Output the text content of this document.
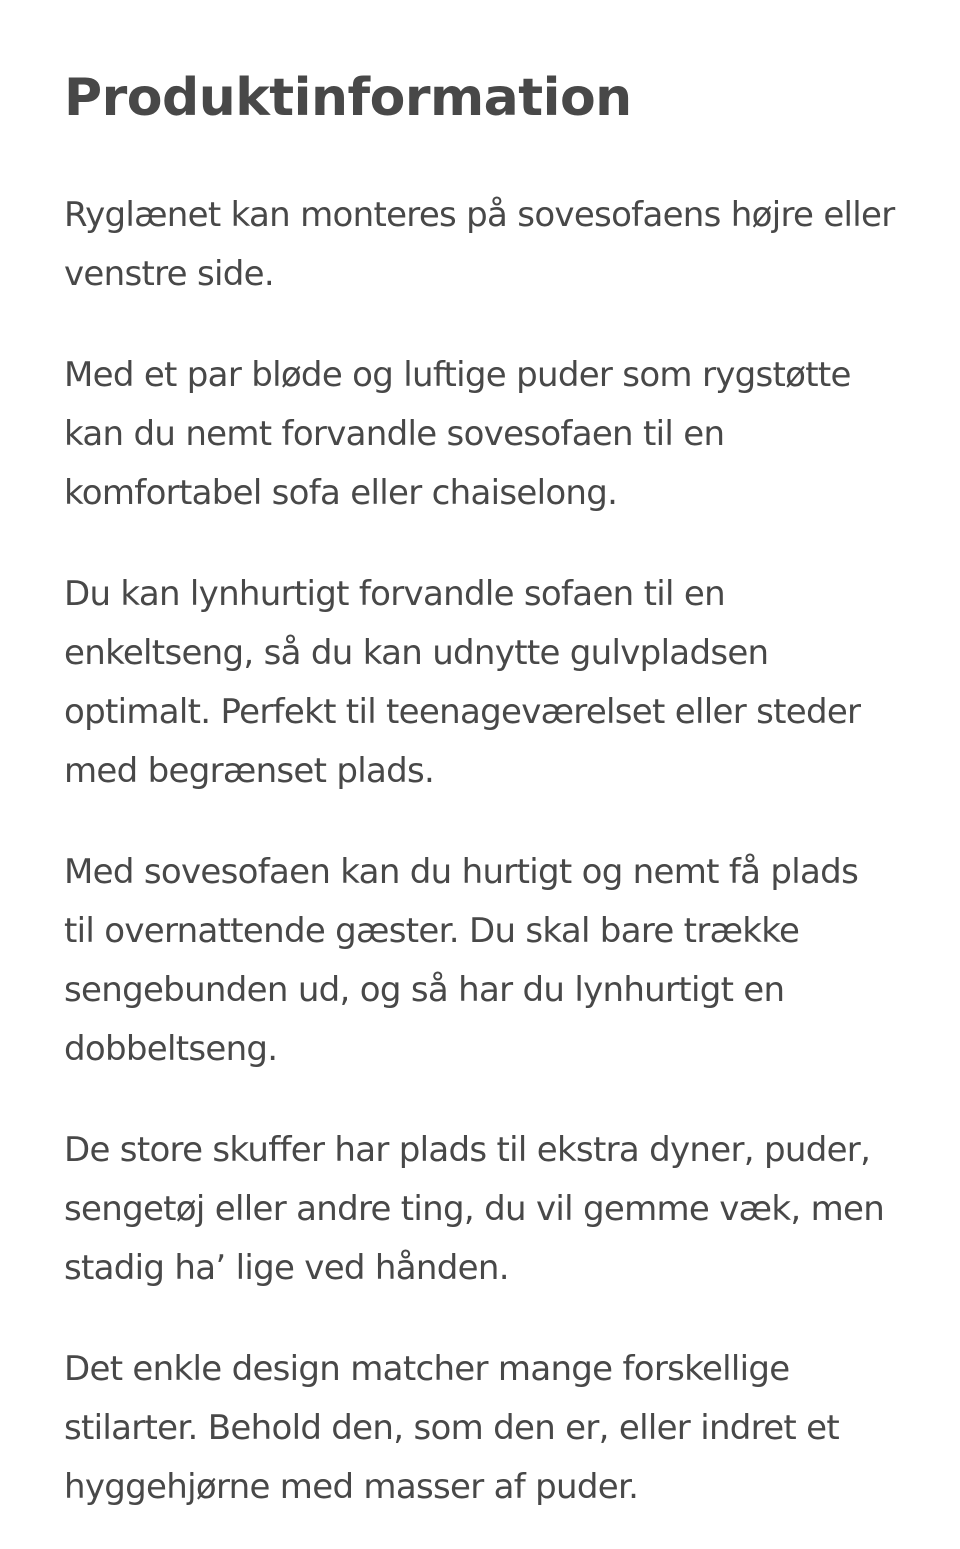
Produktinformation

Ryglænet kan monteres på sovesofaens højre eller venstre side.

Med et par bløde og luftige puder som rygstøtte kan du nemt forvandle sovesofaen til en komfortabel sofa eller chaiselong.

Du kan lynhurtigt forvandle sofaen til en enkeltseng, så du kan udnytte gulvpladsen optimalt. Perfekt til teenageværelset eller steder med begrænset plads.

Med sovesofaen kan du hurtigt og nemt få plads til overnattende gæster. Du skal bare trække sengebunden ud, og så har du lynhurtigt en dobbeltseng.

De store skuffer har plads til ekstra dyner, puder, sengetøj eller andre ting, du vil gemme væk, men stadig ha’ lige ved hånden.

Det enkle design matcher mange forskellige stilarter. Behold den, som den er, eller indret et hyggehjørne med masser af puder.
